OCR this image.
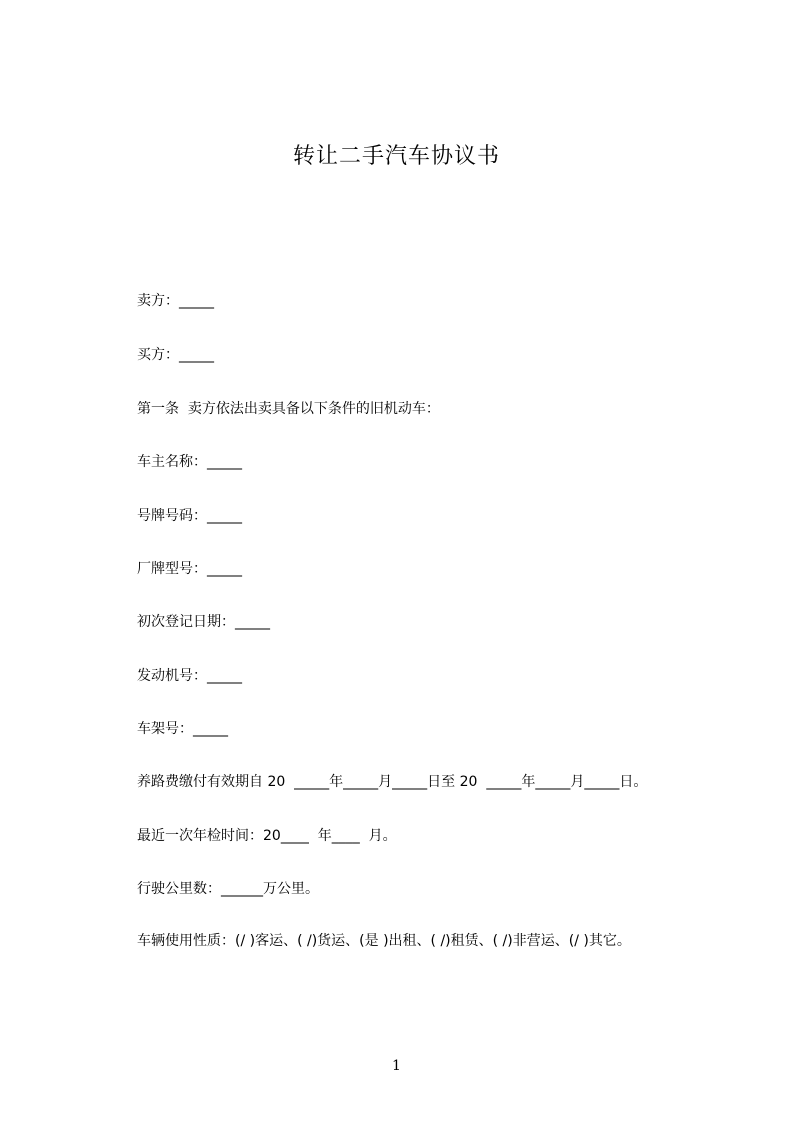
转让二手汽车协议书
卖方：_____
买方：_____
第一条  卖方依法出卖具备以下条件的旧机动车：
车主名称：_____
号牌号码：_____
厂牌型号：_____
初次登记日期：_____
发动机号：_____
车架号：_____
养路费缴付有效期自 20  _____年_____月_____日至 20  _____年_____月_____日。
最近一次年检时间：20____  年____  月。
行驶公里数：______万公里。
车辆使用性质：(/ )客运、( /)货运、(是 )出租、( /)租赁、( /)非营运、(/ )其它。
1
